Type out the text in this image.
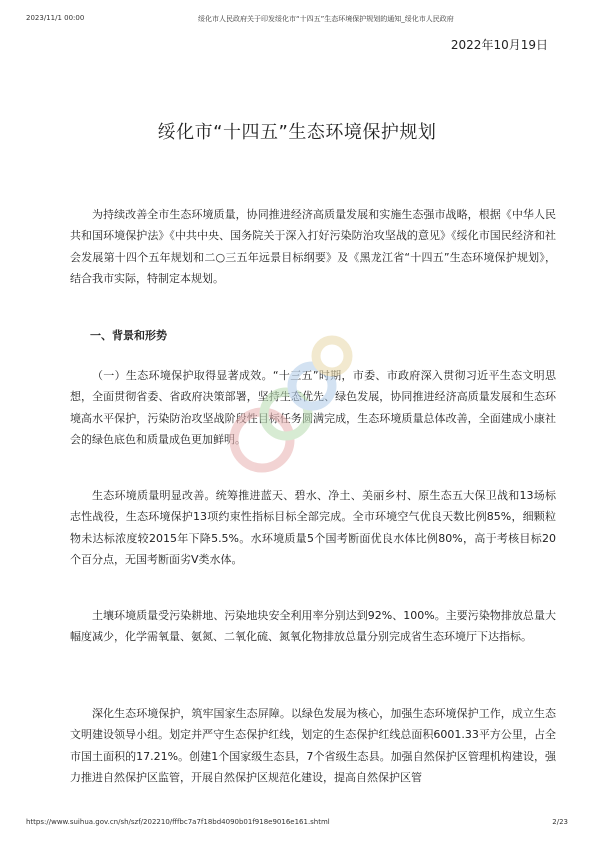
2023/11/1 00:00	绥化市人民政府关于印发绥化市“十四五”生态环境保护规划的通知_绥化市人民政府
2022年10月19日
绥化市“十四五”生态环境保护规划

为持续改善全市生态环境质量，协同推进经济高质量发展和实施生态强市战略，根据《中华人民共和国环境保护法》《中共中央、国务院关于深入打好污染防治攻坚战的意见》《绥化市国民经济和社会发展第十四个五年规划和二○三五年远景目标纲要》及《黑龙江省“十四五”生态环境保护规划》，结合我市实际，特制定本规划。

一、背景和形势

（一）生态环境保护取得显著成效。“十三五”时期，市委、市政府深入贯彻习近平生态文明思想，全面贯彻省委、省政府决策部署，坚持生态优先、绿色发展，协同推进经济高质量发展和生态环境高水平保护，污染防治攻坚战阶段性目标任务圆满完成，生态环境质量总体改善，全面建成小康社会的绿色底色和质量成色更加鲜明。

生态环境质量明显改善。统筹推进蓝天、碧水、净土、美丽乡村、原生态五大保卫战和13场标志性战役，生态环境保护13项约束性指标目标全部完成。全市环境空气优良天数比例85%，细颗粒物未达标浓度较2015年下降5.5%。水环境质量5个国考断面优良水体比例80%，高于考核目标20个百分点，无国考断面劣V类水体。

土壤环境质量受污染耕地、污染地块安全利用率分别达到92%、100%。主要污染物排放总量大幅度减少，化学需氧量、氨氮、二氧化硫、氮氧化物排放总量分别完成省生态环境厅下达指标。

深化生态环境保护，筑牢国家生态屏障。以绿色发展为核心，加强生态环境保护工作，成立生态文明建设领导小组。划定并严守生态保护红线，划定的生态保护红线总面积6001.33平方公里，占全市国土面积的17.21%。创建1个国家级生态县，7个省级生态县。加强自然保护区管理机构建设，强力推进自然保护区监管，开展自然保护区规范化建设，提高自然保护区管

https://www.suihua.gov.cn/sh/szf/202210/fffbc7a7f18bd4090b01f918e9016e161.shtml	2/23
